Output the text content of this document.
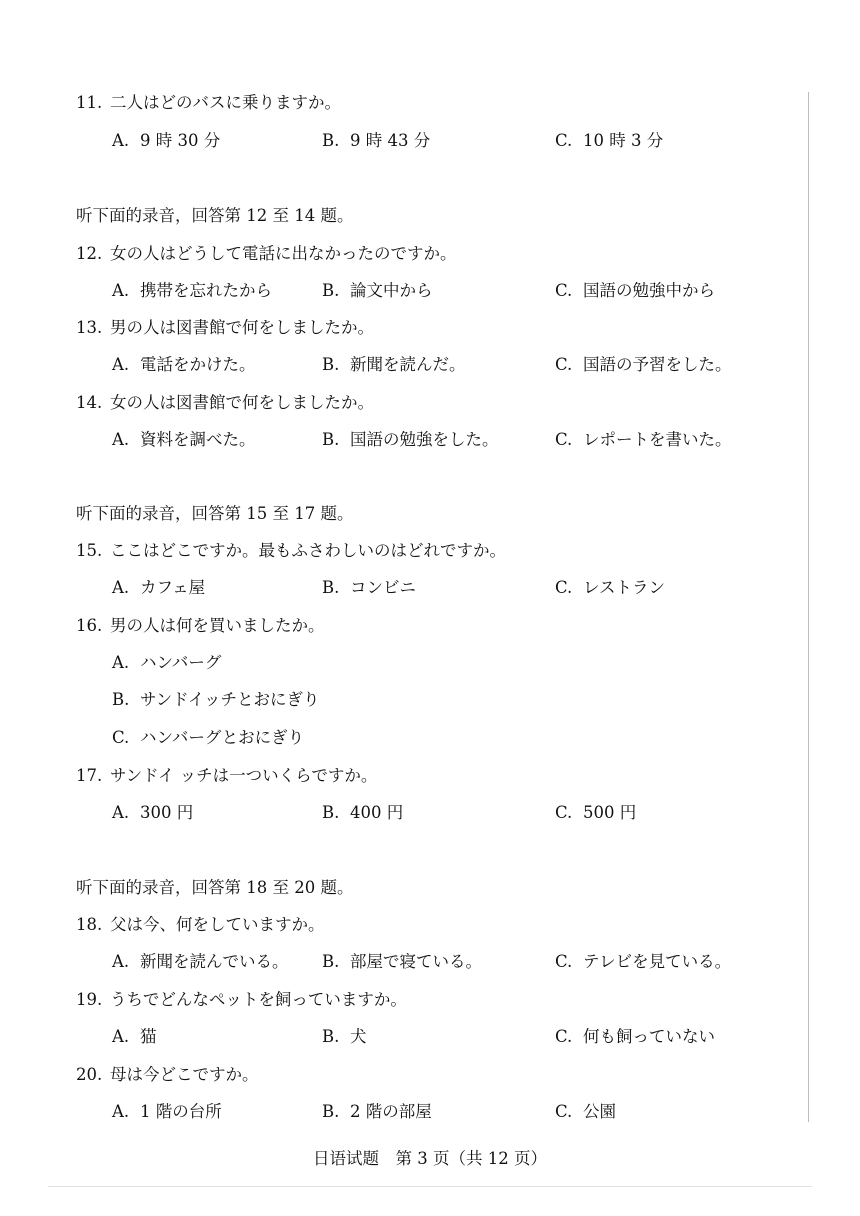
11. 二人はどのバスに乗りますか。
A. 9 時 30 分	B. 9 時 43 分	C. 10 時 3 分
听下面的录音，回答第 12 至 14 题。
12. 女の人はどうして電話に出なかったのですか。
A. 携帯を忘れたから	B. 論文中から	C. 国語の勉強中から
13. 男の人は図書館で何をしましたか。
A. 電話をかけた。	B. 新聞を読んだ。	C. 国語の予習をした。
14. 女の人は図書館で何をしましたか。
A. 資料を調べた。	B. 国語の勉強をした。	C. レポートを書いた。
听下面的录音，回答第 15 至 17 题。
15. ここはどこですか。最もふさわしいのはどれですか。
A. カフェ屋	B. コンビニ	C. レストラン
16. 男の人は何を買いましたか。
A. ハンバーグ
B. サンドイッチとおにぎり
C. ハンバーグとおにぎり
17. サンドイ ッチは一ついくらですか。
A. 300 円	B. 400 円	C. 500 円
听下面的录音，回答第 18 至 20 题。
18. 父は今、何をしていますか。
A. 新聞を読んでいる。 B. 部屋で寝ている。	C. テレビを見ている。
19. うちでどんなペットを飼っていますか。
A. 猫	B. 犬	C. 何も飼っていない
20. 母は今どこですか。
A. 1 階の台所	B. 2 階の部屋	C. 公園
日语试题　第 3 页（共 12 页）
